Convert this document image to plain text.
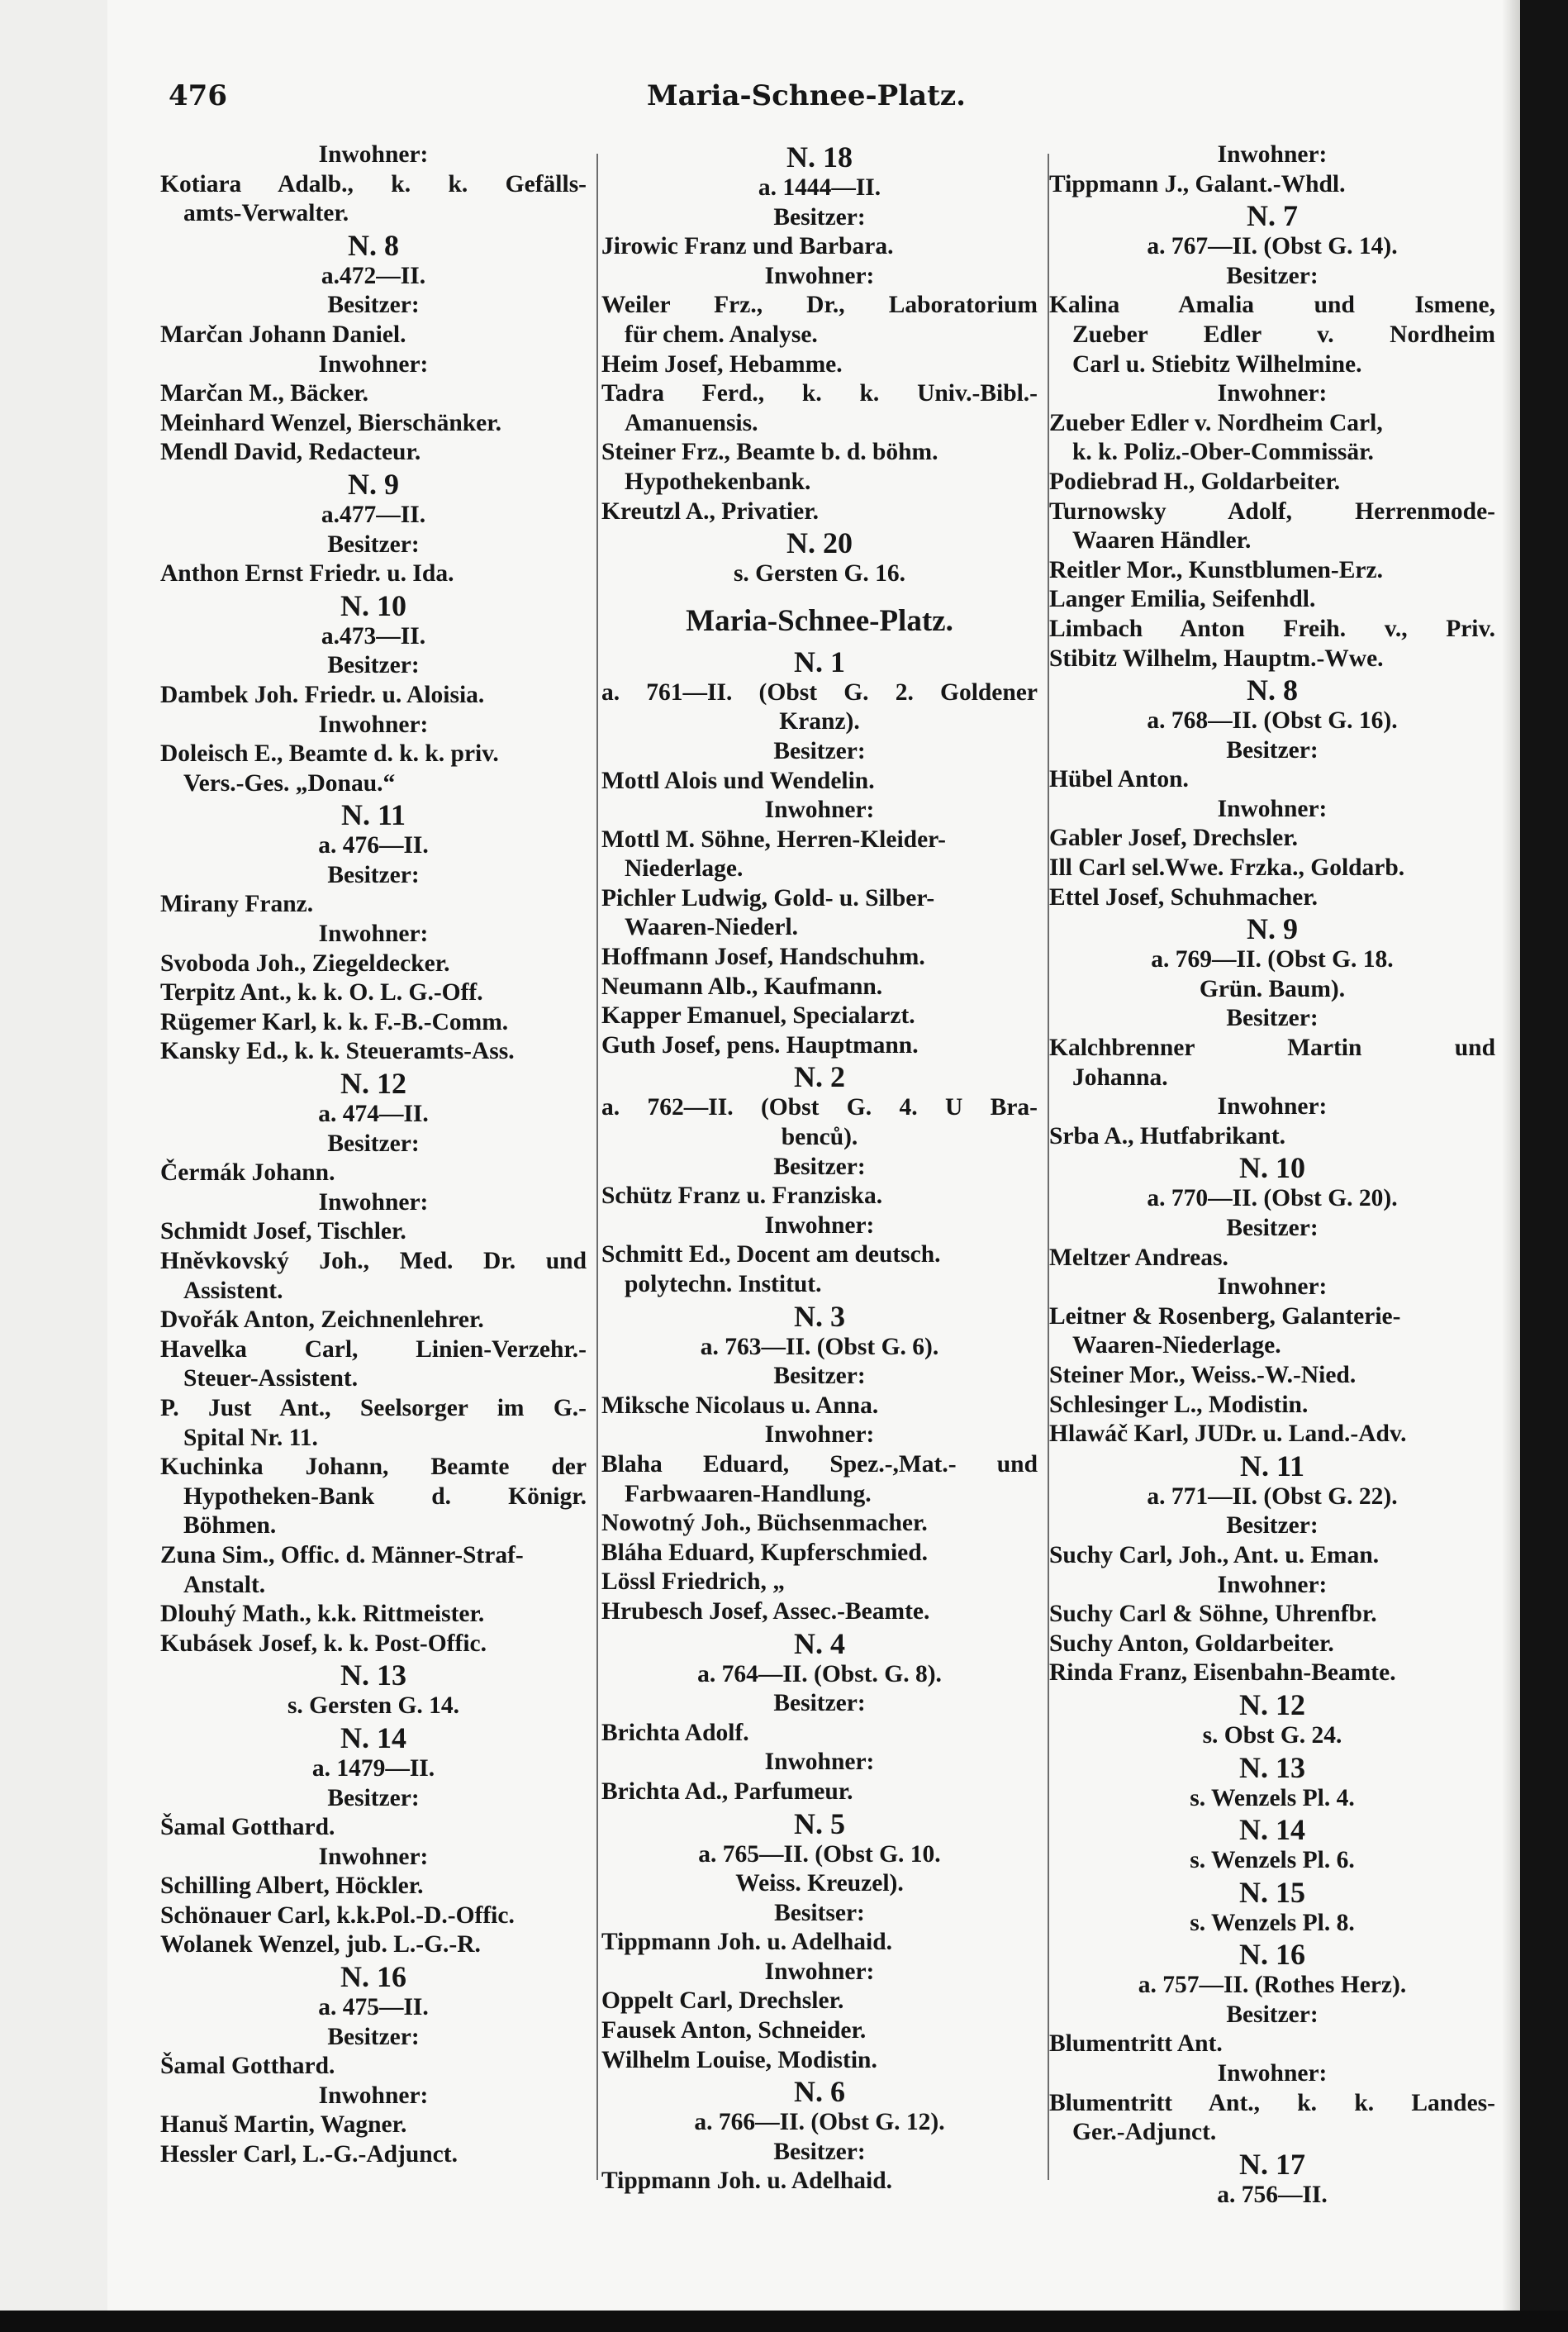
Maria-Schnee-Platz.
476
Inwohner:
Kotiara Adalb., k. k. Gefälls-
amts-Verwalter.
N. 8
a.472—II.
Besitzer:
Marčan Johann Daniel.
Inwohner:
Marčan M., Bäcker.
Meinhard Wenzel, Bierschänker.
Mendl David, Redacteur.
N. 9
a.477—II.
Besitzer:
Anthon Ernst Friedr. u. Ida.
N. 10
a.473—II.
Besitzer:
Dambek Joh. Friedr. u. Aloisia.
Inwohner:
Doleisch E., Beamte d. k. k. priv.
Vers.-Ges. „Donau.“
N. 11
a. 476—II.
Besitzer:
Mirany Franz.
Inwohner:
Svoboda Joh., Ziegeldecker.
Terpitz Ant., k. k. O. L. G.-Off.
Rügemer Karl, k. k. F.-B.-Comm.
Kansky Ed., k. k. Steueramts-Ass.
N. 12
a. 474—II.
Besitzer:
Čermák Johann.
Inwohner:
Schmidt Josef, Tischler.
Hněvkovský Joh., Med. Dr. und
Assistent.
Dvořák Anton, Zeichnenlehrer.
Havelka Carl, Linien-Verzehr.-
Steuer-Assistent.
P. Just Ant., Seelsorger im G.-
Spital Nr. 11.
Kuchinka Johann, Beamte der
Hypotheken-Bank d. Königr.
Böhmen.
Zuna Sim., Offic. d. Männer-Straf-
Anstalt.
Dlouhý Math., k.k. Rittmeister.
Kubásek Josef, k. k. Post-Offic.
N. 13
s. Gersten G. 14.
N. 14
a. 1479—II.
Besitzer:
Šamal Gotthard.
Inwohner:
Schilling Albert, Höckler.
Schönauer Carl, k.k.Pol.-D.-Offic.
Wolanek Wenzel, jub. L.-G.-R.
N. 16
a. 475—II.
Besitzer:
Šamal Gotthard.
Inwohner:
Hanuš Martin, Wagner.
Hessler Carl, L.-G.-Adjunct.
N. 18
a. 1444—II.
Besitzer:
Jirowic Franz und Barbara.
Inwohner:
Weiler Frz., Dr., Laboratorium
für chem. Analyse.
Heim Josef, Hebamme.
Tadra Ferd., k. k. Univ.-Bibl.-
Amanuensis.
Steiner Frz., Beamte b. d. böhm.
Hypothekenbank.
Kreutzl A., Privatier.
N. 20
s. Gersten G. 16.
Maria-Schnee-Platz.
N. 1
a. 761—II. (Obst G. 2. Goldener
Kranz).
Besitzer:
Mottl Alois und Wendelin.
Inwohner:
Mottl M. Söhne, Herren-Kleider-
Niederlage.
Pichler Ludwig, Gold- u. Silber-
Waaren-Niederl.
Hoffmann Josef, Handschuhm.
Neumann Alb., Kaufmann.
Kapper Emanuel, Specialarzt.
Guth Josef, pens. Hauptmann.
N. 2
a. 762—II. (Obst G. 4. U Bra-
benců).
Besitzer:
Schütz Franz u. Franziska.
Inwohner:
Schmitt Ed., Docent am deutsch.
polytechn. Institut.
N. 3
a. 763—II. (Obst G. 6).
Besitzer:
Miksche Nicolaus u. Anna.
Inwohner:
Blaha Eduard, Spez.-,Mat.- und
Farbwaaren-Handlung.
Nowotný Joh., Büchsenmacher.
Bláha Eduard, Kupferschmied.
Lössl Friedrich, „
Hrubesch Josef, Assec.-Beamte.
N. 4
a. 764—II. (Obst. G. 8).
Besitzer:
Brichta Adolf.
Inwohner:
Brichta Ad., Parfumeur.
N. 5
a. 765—II. (Obst G. 10.
Weiss. Kreuzel).
Besitser:
Tippmann Joh. u. Adelhaid.
Inwohner:
Oppelt Carl, Drechsler.
Fausek Anton, Schneider.
Wilhelm Louise, Modistin.
N. 6
a. 766—II. (Obst G. 12).
Besitzer:
Tippmann Joh. u. Adelhaid.
Inwohner:
Tippmann J., Galant.-Whdl.
N. 7
a. 767—II. (Obst G. 14).
Besitzer:
Kalina Amalia und Ismene,
Zueber Edler v. Nordheim
Carl u. Stiebitz Wilhelmine.
Inwohner:
Zueber Edler v. Nordheim Carl,
k. k. Poliz.-Ober-Commissär.
Podiebrad H., Goldarbeiter.
Turnowsky Adolf, Herrenmode-
Waaren Händler.
Reitler Mor., Kunstblumen-Erz.
Langer Emilia, Seifenhdl.
Limbach Anton Freih. v., Priv.
Stibitz Wilhelm, Hauptm.-Wwe.
N. 8
a. 768—II. (Obst G. 16).
Besitzer:
Hübel Anton.
Inwohner:
Gabler Josef, Drechsler.
Ill Carl sel.Wwe. Frzka., Goldarb.
Ettel Josef, Schuhmacher.
N. 9
a. 769—II. (Obst G. 18.
Grün. Baum).
Besitzer:
Kalchbrenner Martin und
Johanna.
Inwohner:
Srba A., Hutfabrikant.
N. 10
a. 770—II. (Obst G. 20).
Besitzer:
Meltzer Andreas.
Inwohner:
Leitner & Rosenberg, Galanterie-
Waaren-Niederlage.
Steiner Mor., Weiss.-W.-Nied.
Schlesinger L., Modistin.
Hlawáč Karl, JUDr. u. Land.-Adv.
N. 11
a. 771—II. (Obst G. 22).
Besitzer:
Suchy Carl, Joh., Ant. u. Eman.
Inwohner:
Suchy Carl & Söhne, Uhrenfbr.
Suchy Anton, Goldarbeiter.
Rinda Franz, Eisenbahn-Beamte.
N. 12
s. Obst G. 24.
N. 13
s. Wenzels Pl. 4.
N. 14
s. Wenzels Pl. 6.
N. 15
s. Wenzels Pl. 8.
N. 16
a. 757—II. (Rothes Herz).
Besitzer:
Blumentritt Ant.
Inwohner:
Blumentritt Ant., k. k. Landes-
Ger.-Adjunct.
N. 17
a. 756—II.
